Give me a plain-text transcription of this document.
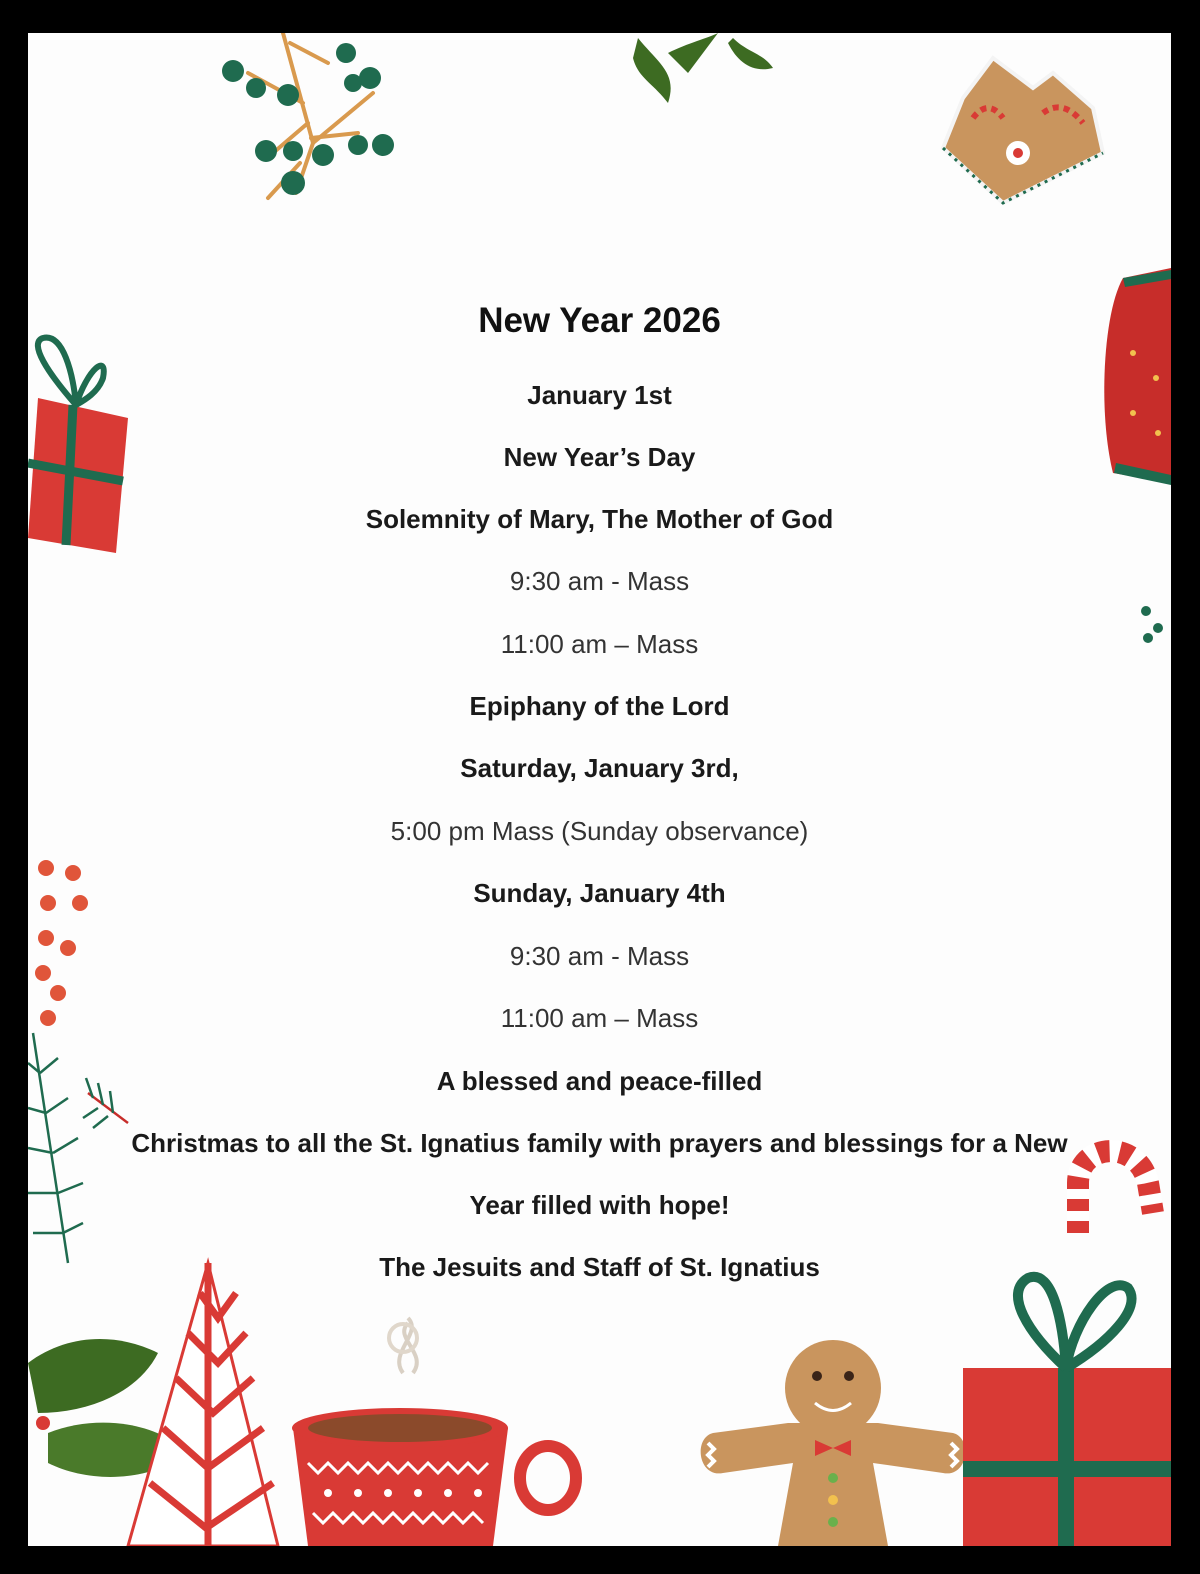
New Year 2026
January 1st
New Year’s Day
Solemnity of Mary, The Mother of God
9:30 am - Mass
11:00 am – Mass
Epiphany of the Lord
Saturday, January 3rd,
5:00 pm Mass (Sunday observance)
Sunday, January 4th
9:30 am - Mass
11:00 am – Mass
A blessed and peace-filled
Christmas to all the St. Ignatius family with prayers and blessings for a New
Year filled with hope!
The Jesuits and Staff of St. Ignatius
